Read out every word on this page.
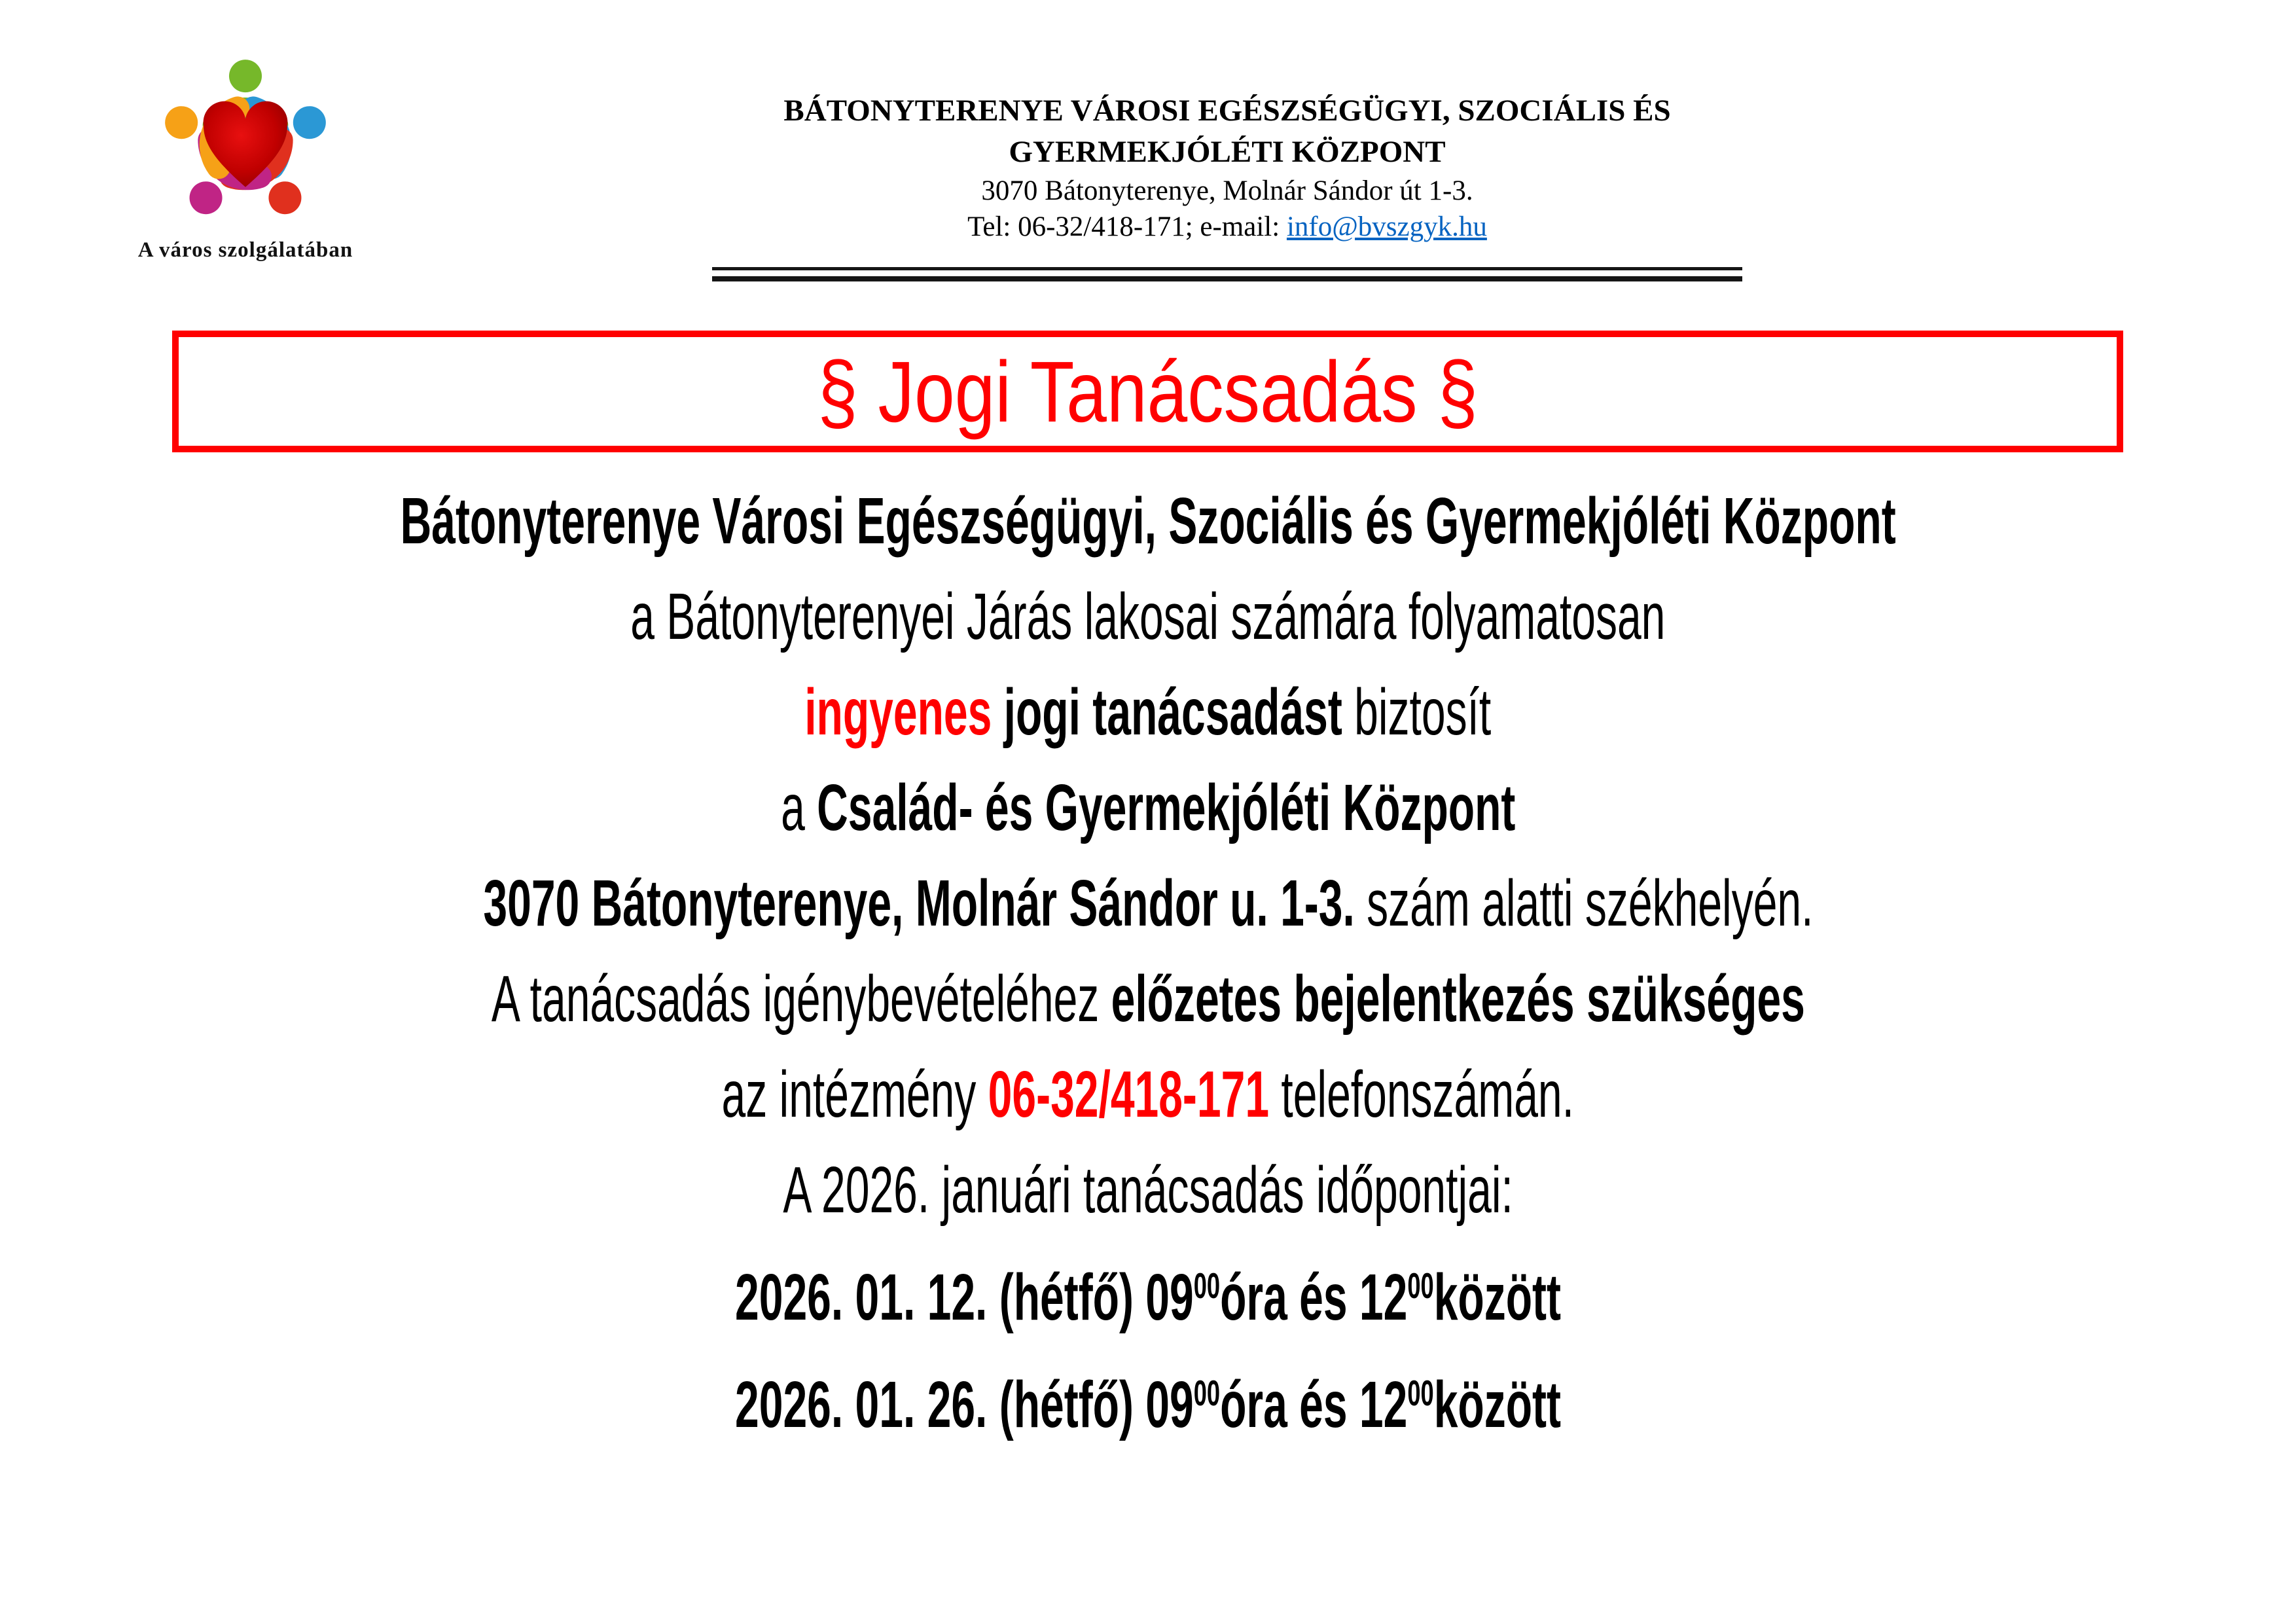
A város szolgálatában
BÁTONYTERENYE VÁROSI EGÉSZSÉGÜGYI, SZOCIÁLIS ÉS
GYERMEKJÓLÉTI KÖZPONT
3070 Bátonyterenye, Molnár Sándor út 1-3.
Tel: 06-32/418-171; e-mail: info@bvszgyk.hu
§ Jogi Tanácsadás §
Bátonyterenye Városi Egészségügyi, Szociális és Gyermekjóléti Központ
a Bátonyterenyei Járás lakosai számára folyamatosan
ingyenes jogi tanácsadást biztosít
a Család- és Gyermekjóléti Központ
3070 Bátonyterenye, Molnár Sándor u. 1-3. szám alatti székhelyén.
A tanácsadás igénybevételéhez előzetes bejelentkezés szükséges
az intézmény 06-32/418-171 telefonszámán.
A 2026. januári tanácsadás időpontjai:
2026. 01. 12. (hétfő) $09^{00}óra$ és $12^{00}között$
2026. 01. 26. (hétfő) $09^{00}óra$ és $12^{00}között$
